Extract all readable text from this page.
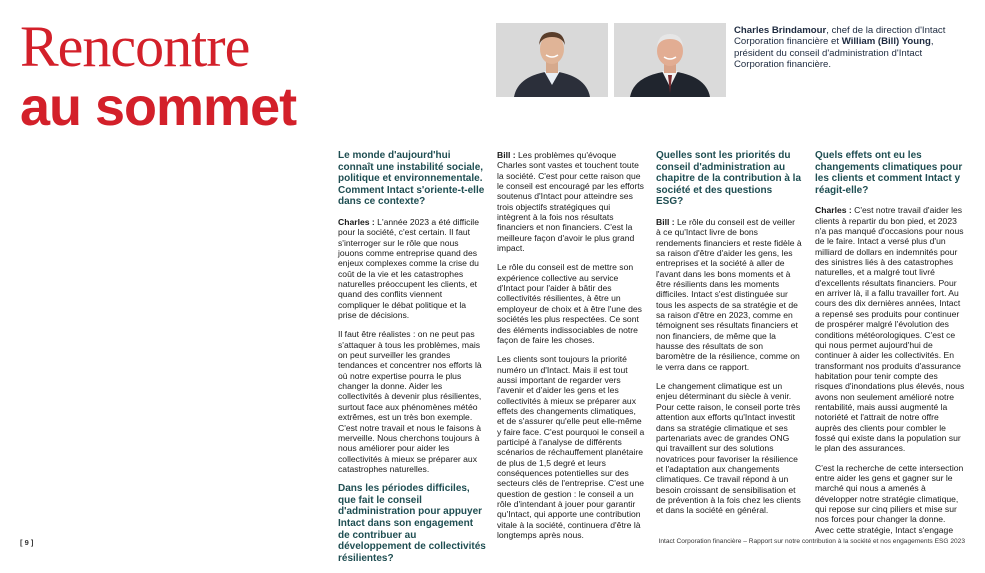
Rencontre
au sommet
Charles Brindamour, chef de la direction d'Intact Corporation financière et William (Bill) Young, président du conseil d'administration d'Intact Corporation financière.

Le monde d'aujourd'hui connaît une instabilité sociale, politique et environnementale. Comment Intact s'oriente-t-elle dans ce contexte?

Charles : L'année 2023 a été difficile pour la société, c'est certain. Il faut s'interroger sur le rôle que nous jouons comme entreprise quand des enjeux complexes comme la crise du coût de la vie et les catastrophes naturelles préoccupent les clients, et quand des conflits viennent compliquer le débat politique et la prise de décisions.

Il faut être réalistes : on ne peut pas s'attaquer à tous les problèmes, mais on peut surveiller les grandes tendances et concentrer nos efforts là où notre expertise pourra le plus changer la donne. Aider les collectivités à devenir plus résilientes, surtout face aux phénomènes météo extrêmes, est un très bon exemple. C'est notre travail et nous le faisons à merveille. Nous cherchons toujours à nous améliorer pour aider les collectivités à mieux se préparer aux catastrophes naturelles.

Dans les périodes difficiles, que fait le conseil d'administration pour appuyer Intact dans son engagement de contribuer au développement de collectivités résilientes?

Bill : Les problèmes qu'évoque Charles sont vastes et touchent toute la société. C'est pour cette raison que le conseil est encouragé par les efforts soutenus d'Intact pour atteindre ses trois objectifs stratégiques qui intègrent à la fois nos résultats financiers et non financiers. C'est la meilleure façon d'avoir le plus grand impact.

Le rôle du conseil est de mettre son expérience collective au service d'Intact pour l'aider à bâtir des collectivités résilientes, à être un employeur de choix et à être l'une des sociétés les plus respectées. Ce sont des éléments indissociables de notre façon de faire les choses.

Les clients sont toujours la priorité numéro un d'Intact. Mais il est tout aussi important de regarder vers l'avenir et d'aider les gens et les collectivités à mieux se préparer aux effets des changements climatiques, et de s'assurer qu'elle peut elle-même y faire face. C'est pourquoi le conseil a participé à l'analyse de différents scénarios de réchauffement planétaire de plus de 1,5 degré et leurs conséquences potentielles sur des secteurs clés de l'entreprise. C'est une question de gestion : le conseil a un rôle d'intendant à jouer pour garantir qu'Intact, qui apporte une contribution vitale à la société, continuera d'être là longtemps après nous.

Quelles sont les priorités du conseil d'administration au chapitre de la contribution à la société et des questions ESG?

Bill : Le rôle du conseil est de veiller à ce qu'Intact livre de bons rendements financiers et reste fidèle à sa raison d'être d'aider les gens, les entreprises et la société à aller de l'avant dans les bons moments et à être résilients dans les moments difficiles. Intact s'est distinguée sur tous les aspects de sa stratégie et de sa raison d'être en 2023, comme en témoignent ses résultats financiers et non financiers, de même que la hausse des résultats de son baromètre de la résilience, comme on le verra dans ce rapport.

Le changement climatique est un enjeu déterminant du siècle à venir. Pour cette raison, le conseil porte très attention aux efforts qu'Intact investit dans sa stratégie climatique et ses partenariats avec de grandes ONG qui travaillent sur des solutions novatrices pour favoriser la résilience et l'adaptation aux changements climatiques. Ce travail répond à un besoin croissant de sensibilisation et de prévention à la fois chez les clients et dans la société en général.

Quels effets ont eu les changements climatiques pour les clients et comment Intact y réagit-elle?

Charles : C'est notre travail d'aider les clients à repartir du bon pied, et 2023 n'a pas manqué d'occasions pour nous de le faire. Intact a versé plus d'un milliard de dollars en indemnités pour des sinistres liés à des catastrophes naturelles, et a malgré tout livré d'excellents résultats financiers. Pour en arriver là, il a fallu travailler fort. Au cours des dix dernières années, Intact a repensé ses produits pour continuer de prospérer malgré l'évolution des conditions météorologiques. C'est ce qui nous permet aujourd'hui de continuer à aider les collectivités. En transformant nos produits d'assurance habitation pour tenir compte des risques d'inondations plus élevés, nous avons non seulement amélioré notre rentabilité, mais aussi augmenté la notoriété et l'attrait de notre offre auprès des clients pour combler le fossé qui existe dans la population sur le plan des assurances.

C'est la recherche de cette intersection entre aider les gens et gagner sur le marché qui nous a amenés à développer notre stratégie climatique, qui repose sur cinq piliers et mise sur nos forces pour changer la donne. Avec cette stratégie, Intact s'engage

[ 9 ]	Intact Corporation financière – Rapport sur notre contribution à la société et nos engagements ESG 2023
